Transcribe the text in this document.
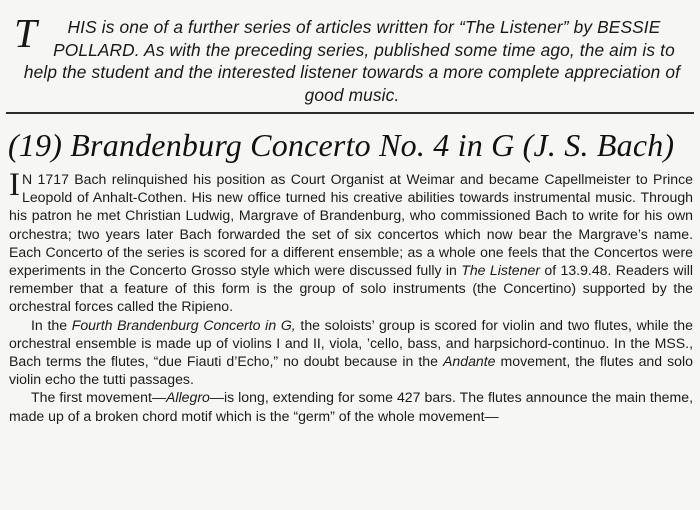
T HIS is one of a further series of articles written for “The Listener” by BESSIE POLLARD. As with the preceding series, published some time ago, the aim is to help the student and the interested listener towards a more complete appreciation of good music.
(19) Brandenburg Concerto No. 4 in G (J. S. Bach)

I N 1717 Bach relinquished his position as Court Organist at Weimar and became Capellmeister to Prince Leopold of Anhalt-Cothen. His new office turned his creative abilities towards instrumental music. Through his patron he met Christian Ludwig, Margrave of Brandenburg, who commissioned Bach to write for his own orchestra; two years later Bach forwarded the set of six concertos which now bear the Margrave’s name. Each Concerto of the series is scored for a different ensemble; as a whole one feels that the Concertos were experiments in the Concerto Grosso style which were discussed fully in The Listener of 13.9.48. Readers will remember that a feature of this form is the group of solo instruments (the Concertino) supported by the orchestral forces called the Ripieno.

In the Fourth Brandenburg Concerto in G, the soloists’ group is scored for violin and two flutes, while the orchestral ensemble is made up of violins I and II, viola, ’cello, bass, and harpsichord-continuo. In the MSS., Bach terms the flutes, “due Fiauti d’Echo,” no doubt because in the Andante movement, the flutes and solo violin echo the tutti passages.

The first movement—Allegro—is long, extending for some 427 bars. The flutes announce the main theme, made up of a broken chord motif which is the “germ” of the whole movement—
